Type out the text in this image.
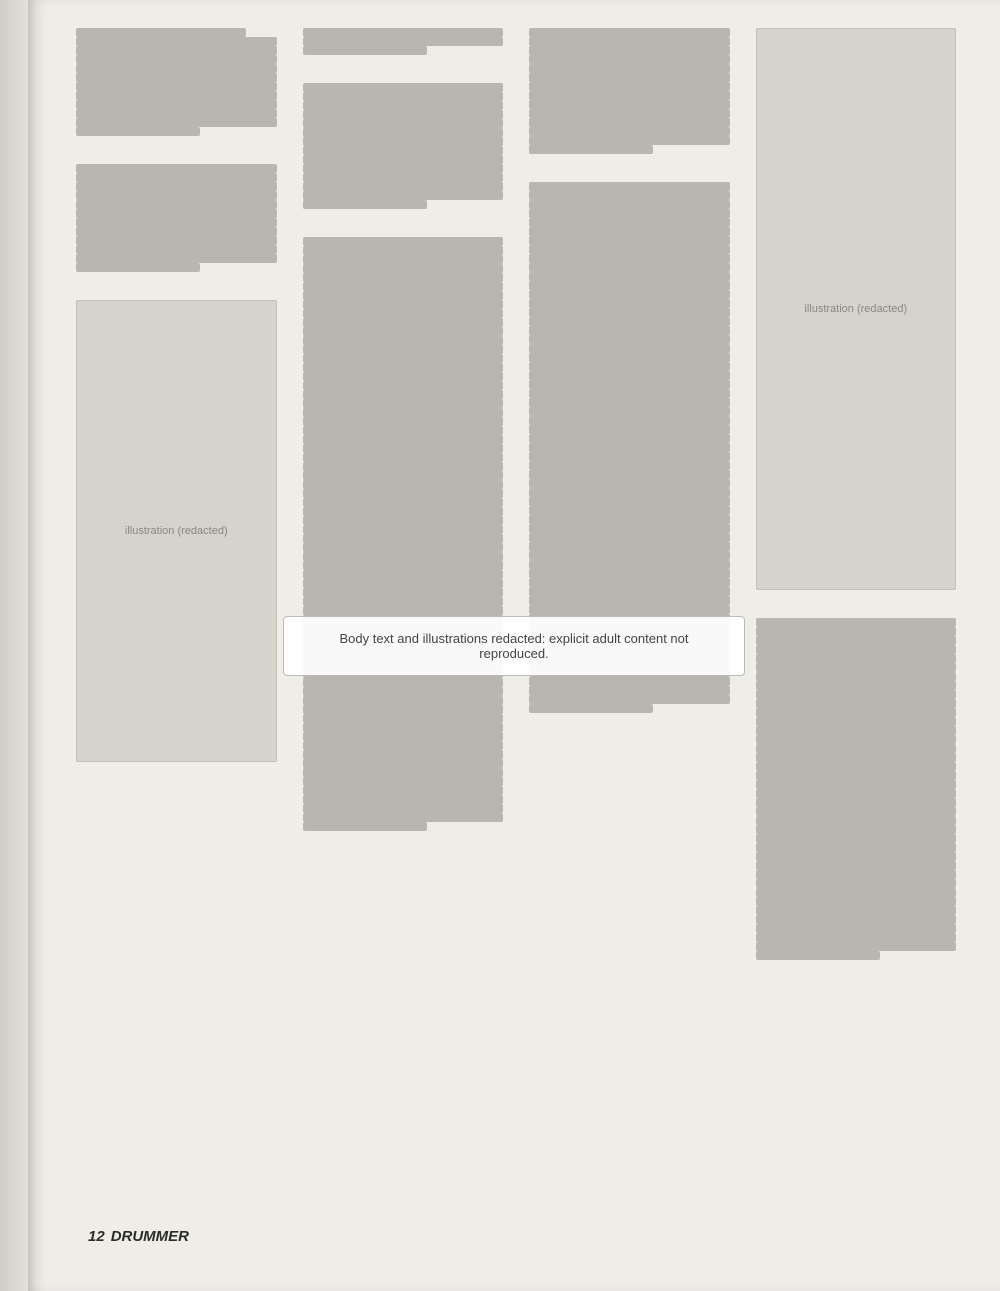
illustration (redacted)
illustration (redacted)
Body text and illustrations redacted: explicit adult content not reproduced.
12 DRUMMER
